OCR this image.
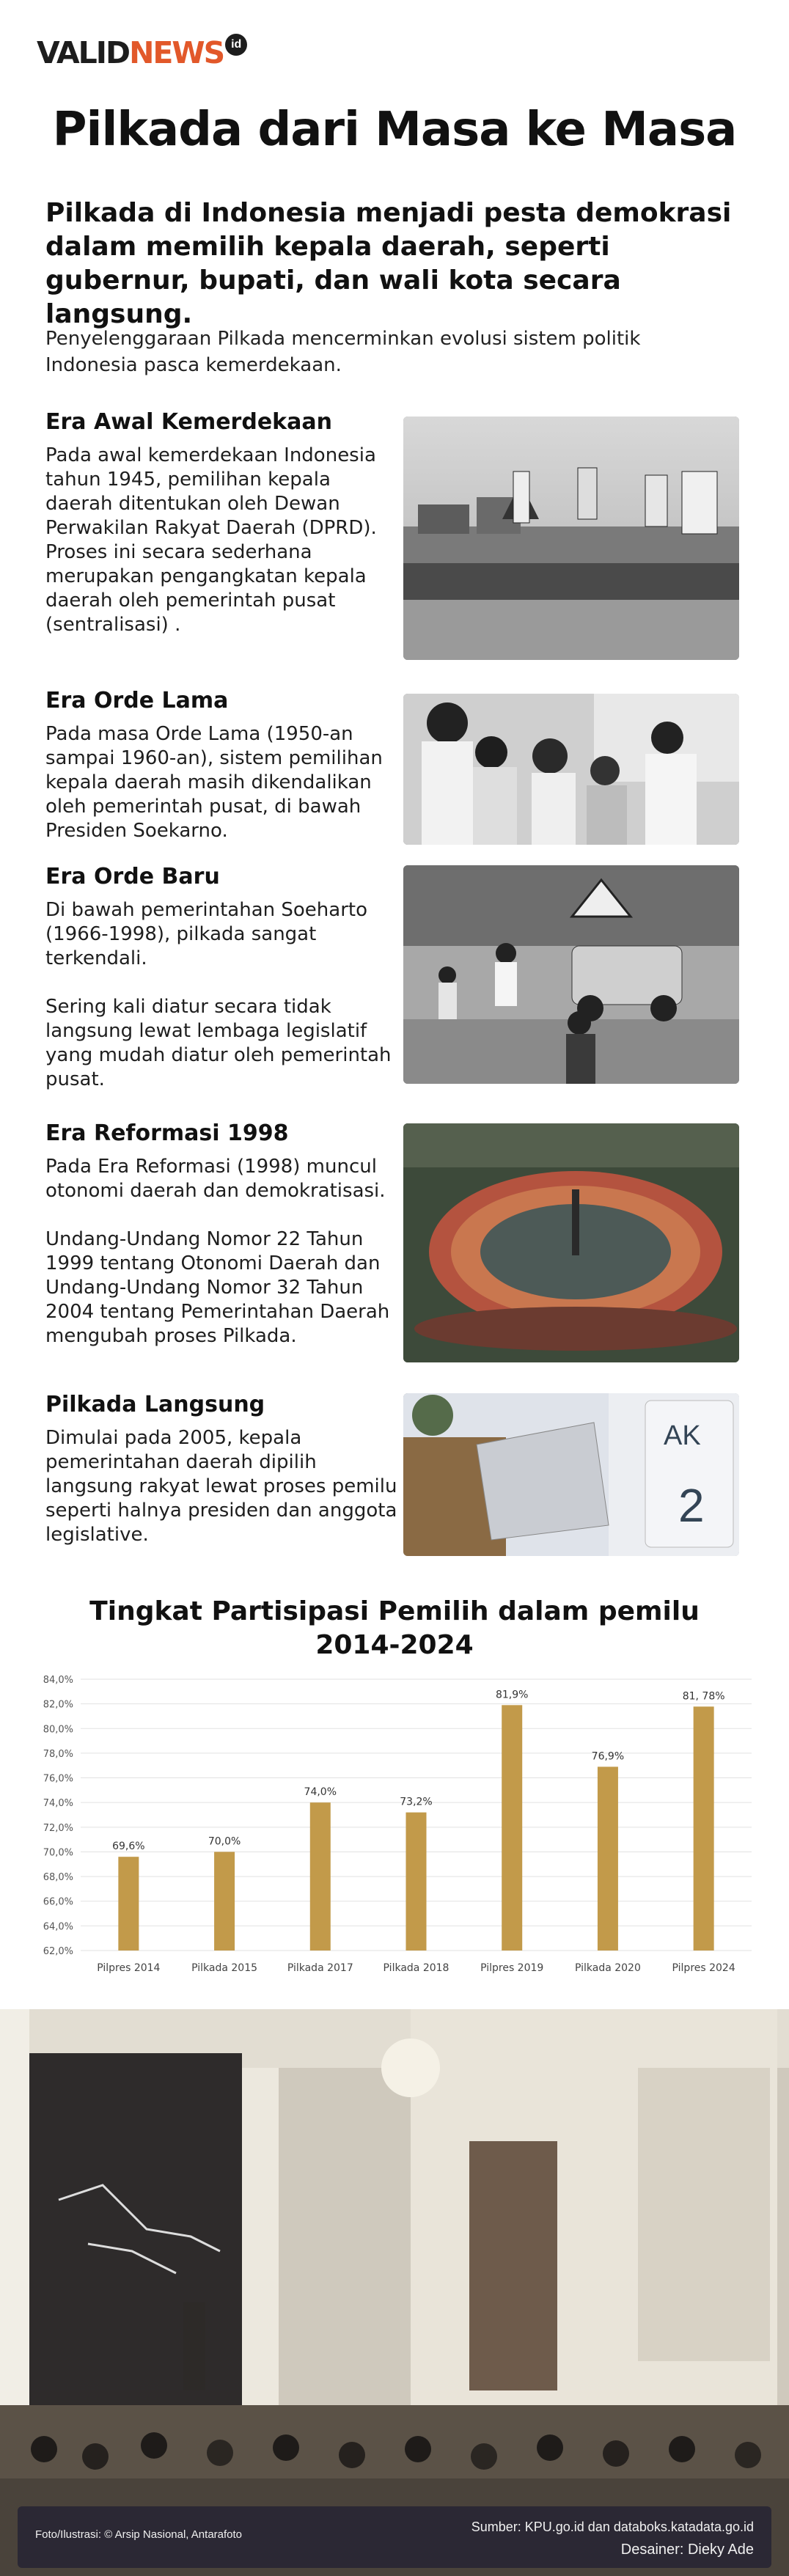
VALID NEWS id
Pilkada dari Masa ke Masa

Pilkada di Indonesia menjadi pesta demokrasi dalam memilih kepala daerah, seperti gubernur, bupati, dan wali kota secara langsung.

Penyelenggaraan Pilkada mencerminkan evolusi sistem politik Indonesia pasca kemerdekaan.

Era Awal Kemerdekaan

Pada awal kemerdekaan Indonesia tahun 1945, pemilihan kepala daerah ditentukan oleh Dewan Perwakilan Rakyat Daerah (DPRD).
Proses ini secara sederhana merupakan pengangkatan kepala daerah oleh pemerintah pusat (sentralisasi) .

Era Orde Lama

Pada masa Orde Lama (1950-an sampai 1960-an), sistem pemilihan kepala daerah masih dikendalikan oleh pemerintah pusat, di bawah Presiden Soekarno.

Era Orde Baru

Di bawah pemerintahan Soeharto (1966-1998), pilkada sangat terkendali.

Sering kali diatur secara tidak langsung lewat lembaga legislatif yang mudah diatur oleh pemerintah pusat.

Era Reformasi 1998

Pada Era Reformasi (1998) muncul otonomi daerah dan demokratisasi.

Undang-Undang Nomor 22 Tahun 1999 tentang Otonomi Daerah dan Undang-Undang Nomor 32 Tahun 2004 tentang Pemerintahan Daerah mengubah proses Pilkada.

Pilkada Langsung

Dimulai pada 2005, kepala pemerintahan daerah dipilih langsung rakyat lewat proses pemilu seperti halnya presiden dan anggota legislative.

AK
2
Tingkat Partisipasi Pemilih dalam pemilu 2014-2024
62,0%
64,0%
66,0%
68,0%
70,0%
72,0%
74,0%
76,0%
78,0%
80,0%
82,0%
84,0%
69,6%
Pilpres 2014
70,0%
Pilkada 2015
74,0%
Pilkada 2017
73,2%
Pilkada 2018
81,9%
Pilpres 2019
76,9%
Pilkada 2020
81, 78%
Pilpres 2024
Foto/Ilustrasi: © Arsip Nasional, Antarafoto
Sumber: KPU.go.id dan databoks.katadata.go.id
Desainer: Dieky Ade
